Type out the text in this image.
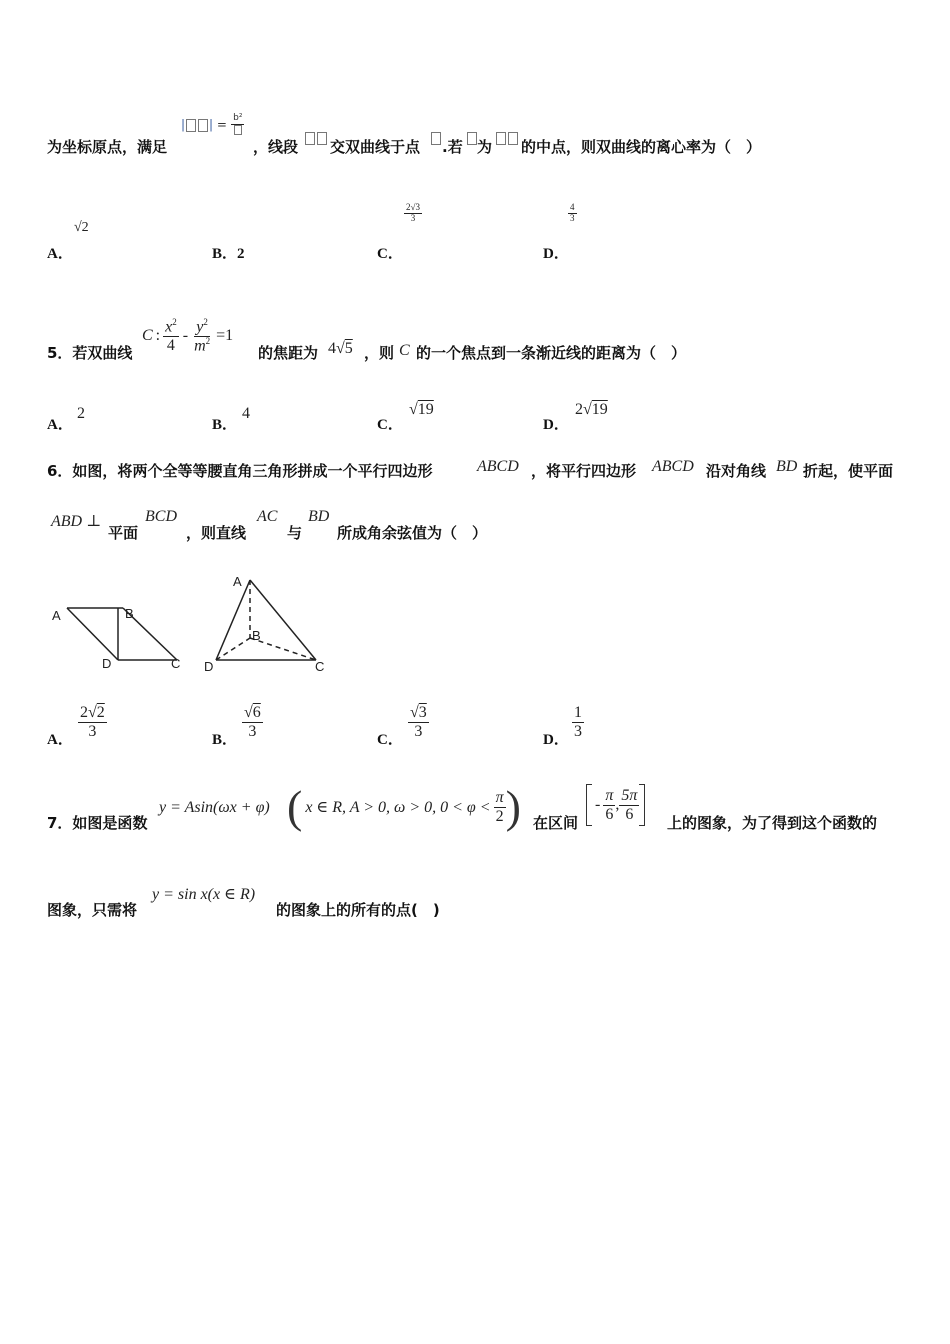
为坐标原点，满足
| | = b²
，线段 交双曲线于点 .若 为 的中点，则双曲线的离心率为（　）
A．
√2
B．2	C．
$\frac{2√3}{3}$
D．
$\frac{4}{3}$
5．若双曲线
C : $\frac{x^2}{4} - \frac{y^2}{m^2} =1$
的焦距为 4√5 ，则 C 的一个焦点到一条渐近线的距离为（　）
A．
2
B．
4
C．
√19
D．
2√19
6．如图，将两个全等等腰直角三角形拼成一个平行四边形	ABCD ，将平行四边形 ABCD 沿对角线 BD 折起，使平面
ABD ⊥
平面
BCD
，则直线
AC
与
BD
所成角余弦值为（　）
A	B
D	C
A
B
D	C
A． $\frac{2√2}{3}$	B． $\frac{√6}{3}$	C． $\frac{√3}{3}$	D． $\frac{1}{3}$
7．如图是函数
y = Asin(ωx + φ) ( x ∈ R, A > 0, ω > 0, $0 < \varphi < \frac{\pi}{2}$ ) 在区间
- $\frac{\pi}{6}$ , $\frac{5\pi}{6}$ 上的图象，为了得到这个函数的
图象，只需将
y = sin x(x ∈ R)
的图象上的所有的点(　)
